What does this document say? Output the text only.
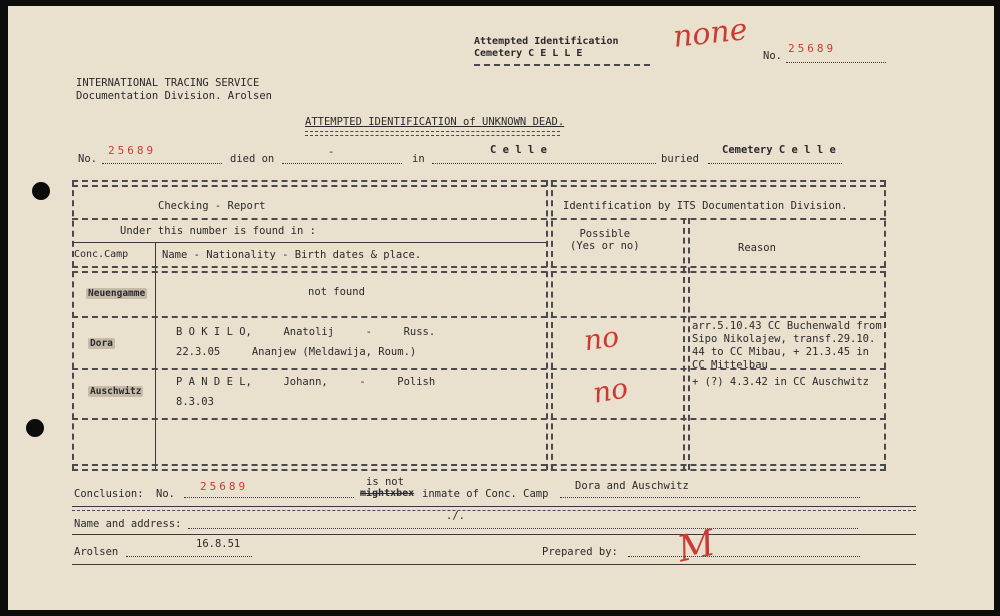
Attempted Identification
Cemetery C E L L E	none
No.
25689
INTERNATIONAL TRACING SERVICE
Documentation Division. Arolsen
ATTEMPTED IDENTIFICATION of UNKNOWN DEAD.
No.
25689
died on
-
in
C e l l e
buried
Cemetery C e l l e
Checking - Report	Identification by ITS Documentation Division.
Under this number is found in :
Conc.Camp	Name - Nationality - Birth dates & place.
Possible
(Yes or no)	Reason
Neuengamme	not found
Dora
B O K I L O,     Anatolij     -     Russ.
22.3.05     Ananjew (Meldawija, Roum.)	no	arr.5.10.43 CC Buchenwald from
Sipo Nikolajew, transf.29.10.
44 to CC Mibau, + 21.3.45 in
CC Mittelbau
Auschwitz
P A N D E L,     Johann,     -     Polish
8.3.03	no	+ (?) 4.3.42 in CC Auschwitz
Conclusion: No.
25689	is not
mightxbex inmate of Conc. Camp
Dora and Auschwitz
Name and address:
./.
Arolsen
16.8.51
Prepared by: M
